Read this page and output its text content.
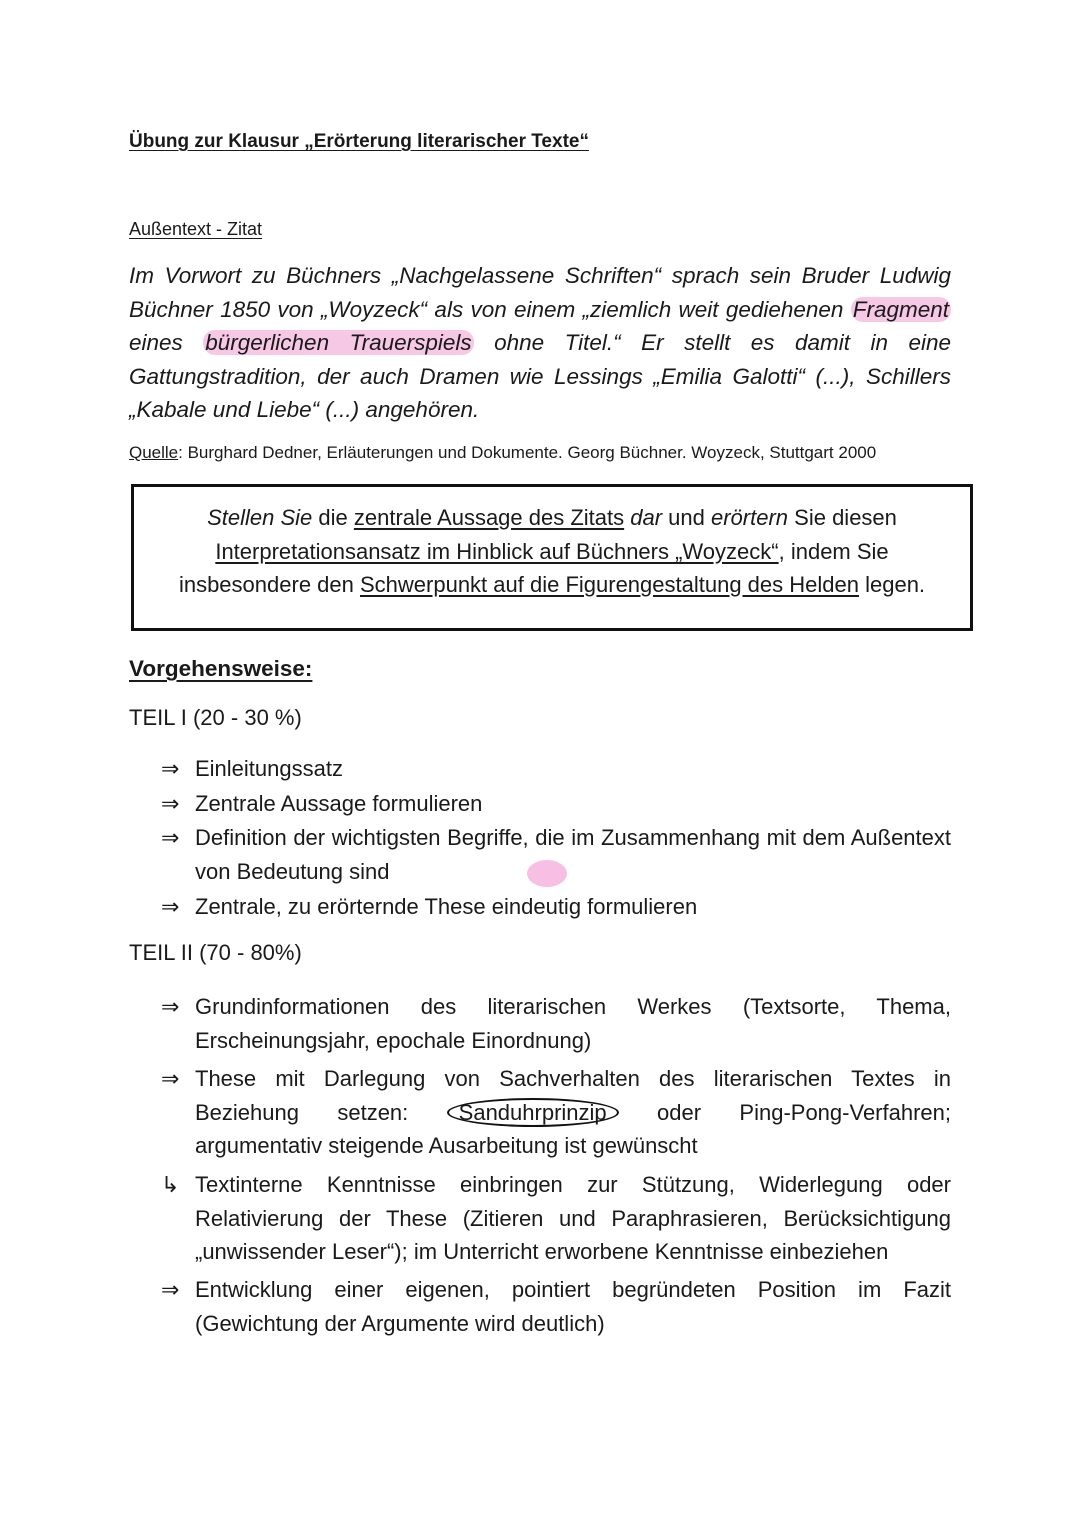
Übung zur Klausur „Erörterung literarischer Texte“
Außentext - Zitat
Im Vorwort zu Büchners „Nachgelassene Schriften“ sprach sein Bruder Ludwig Büchner 1850 von „Woyzeck“ als von einem „ziemlich weit gediehenen Fragment eines bürgerlichen Trauerspiels ohne Titel.“ Er stellt es damit in eine Gattungstradition, der auch Dramen wie Lessings „Emilia Galotti“ (...), Schillers „Kabale und Liebe“ (...) angehören.
Quelle: Burghard Dedner, Erläuterungen und Dokumente. Georg Büchner. Woyzeck, Stuttgart 2000

Stellen Sie die zentrale Aussage des Zitats dar und erörtern Sie diesen
Interpretationsansatz im Hinblick auf Büchners „Woyzeck“, indem Sie
insbesondere den Schwerpunkt auf die Figurengestaltung des Helden legen.

Vorgehensweise:
TEIL I (20 - 30 %)
⇒ Einleitungssatz
⇒ Zentrale Aussage formulieren
⇒ Definition der wichtigsten Begriffe, die im Zusammenhang mit dem Außentext von Bedeutung sind
⇒ Zentrale, zu erörternde These eindeutig formulieren
TEIL II (70 - 80%)
⇒ Grundinformationen des literarischen Werkes (Textsorte, Thema, Erscheinungsjahr, epochale Einordnung)
⇒ These mit Darlegung von Sachverhalten des literarischen Textes in Beziehung setzen: Sanduhrprinzip oder Ping-Pong-Verfahren; argumentativ steigende Ausarbeitung ist gewünscht
↳ Textinterne Kenntnisse einbringen zur Stützung, Widerlegung oder Relativierung der These (Zitieren und Paraphrasieren, Berücksichtigung „unwissender Leser“); im Unterricht erworbene Kenntnisse einbeziehen
⇒ Entwicklung einer eigenen, pointiert begründeten Position im Fazit (Gewichtung der Argumente wird deutlich)
